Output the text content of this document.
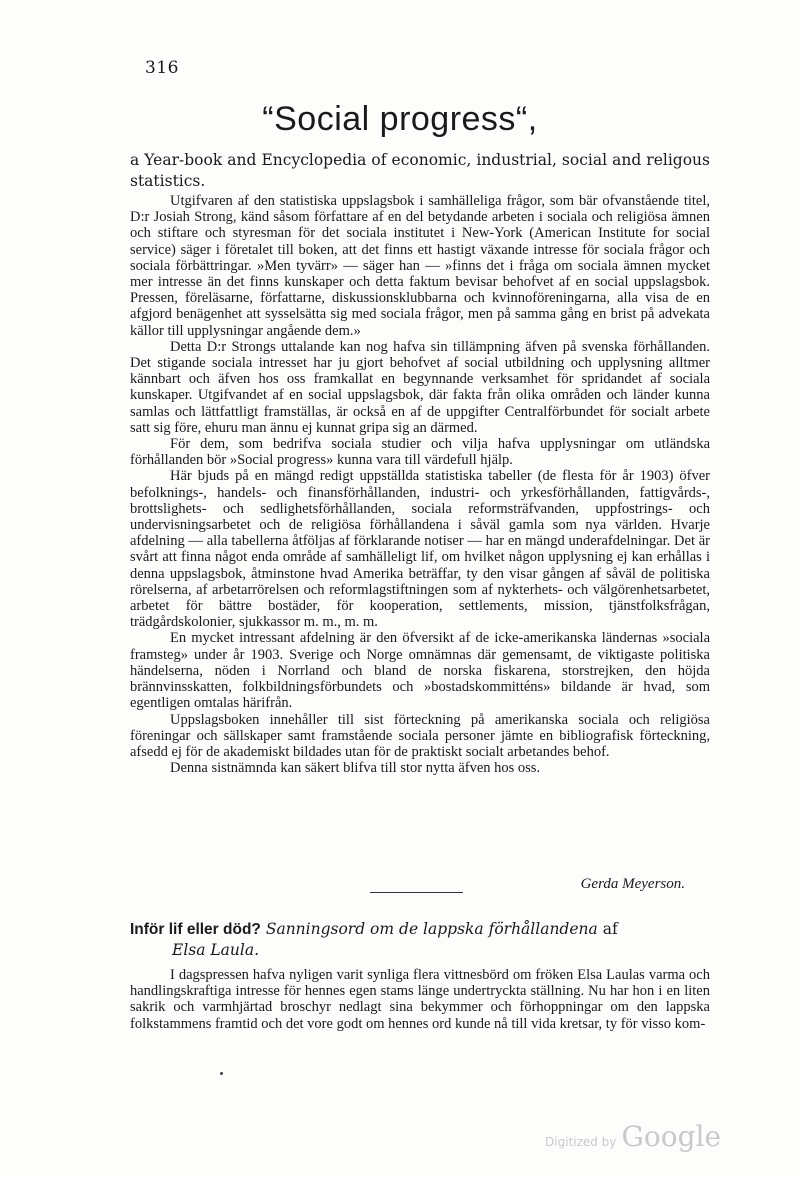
316
“Social progress“,
a Year-book and Encyclopedia of economic, industrial, social and religous statistics.

Utgifvaren af den statistiska uppslagsbok i samhälleliga frågor, som bär ofvanstående titel, D:r Josiah Strong, känd såsom författare af en del betydande arbeten i sociala och religiösa ämnen och stiftare och styresman för det sociala institutet i New-York (American Institute for social service) säger i företalet till boken, att det finns ett hastigt växande intresse för sociala frågor och sociala förbättringar. »Men tyvärr» — säger han — »finns det i fråga om sociala ämnen mycket mer intresse än det finns kunskaper och detta faktum bevisar behofvet af en social uppslagsbok. Pressen, föreläsarne, författarne, diskussionsklubbarna och kvinnoföreningarna, alla visa de en afgjord benägenhet att sysselsätta sig med sociala frågor, men på samma gång en brist på advekata källor till upplysningar angående dem.»

Detta D:r Strongs uttalande kan nog hafva sin tillämpning äfven på svenska förhållanden. Det stigande sociala intresset har ju gjort behofvet af social utbildning och upplysning alltmer kännbart och äfven hos oss framkallat en begynnande verksamhet för spridandet af sociala kunskaper. Utgifvandet af en social uppslagsbok, där fakta från olika områden och länder kunna samlas och lättfattligt framställas, är också en af de uppgifter Centralförbundet för socialt arbete satt sig före, ehuru man ännu ej kunnat gripa sig an därmed.

För dem, som bedrifva sociala studier och vilja hafva upplysningar om utländska förhållanden bör »Social progress» kunna vara till värdefull hjälp.

Här bjuds på en mängd redigt uppställda statistiska tabeller (de flesta för år 1903) öfver befolknings-, handels- och finansförhållanden, industri- och yrkesförhållanden, fattigvårds-, brottslighets- och sedlighetsförhållanden, sociala reformsträfvanden, uppfostrings- och undervisningsarbetet och de religiösa förhållandena i såväl gamla som nya världen. Hvarje afdelning — alla tabellerna åtföljas af förklarande notiser — har en mängd underafdelningar. Det är svårt att finna något enda område af samhälleligt lif, om hvilket någon upplysning ej kan erhållas i denna uppslagsbok, åtminstone hvad Amerika beträffar, ty den visar gången af såväl de politiska rörelserna, af arbetarrörelsen och reformlagstiftningen som af nykterhets- och välgörenhetsarbetet, arbetet för bättre bostäder, för kooperation, settlements, mission, tjänstfolksfrågan, trädgårdskolonier, sjukkassor m. m., m. m.

En mycket intressant afdelning är den öfversikt af de icke-amerikanska ländernas »sociala framsteg» under år 1903. Sverige och Norge omnämnas där gemensamt, de viktigaste politiska händelserna, nöden i Norrland och bland de norska fiskarena, storstrejken, den höjda brännvinsskatten, folkbildningsförbundets och »bostadskommitténs» bildande är hvad, som egentligen omtalas härifrån.

Uppslagsboken innehåller till sist förteckning på amerikanska sociala och religiösa föreningar och sällskaper samt framstående sociala personer jämte en bibliografisk förteckning, afsedd ej för de akademiskt bildades utan för de praktiskt socialt arbetandes behof.

Denna sistnämnda kan säkert blifva till stor nytta äfven hos oss.

Gerda Meyerson.
Inför lif eller död? Sanningsord om de lappska förhållandena af
Elsa Laula.

I dagspressen hafva nyligen varit synliga flera vittnesbörd om fröken Elsa Laulas varma och handlingskraftiga intresse för hennes egen stams länge undertryckta ställning. Nu har hon i en liten sakrik och varmhjärtad broschyr nedlagt sina bekymmer och förhoppningar om den lappska folkstammens framtid och det vore godt om hennes ord kunde nå till vida kretsar, ty för visso kom-

Digitized by Google
